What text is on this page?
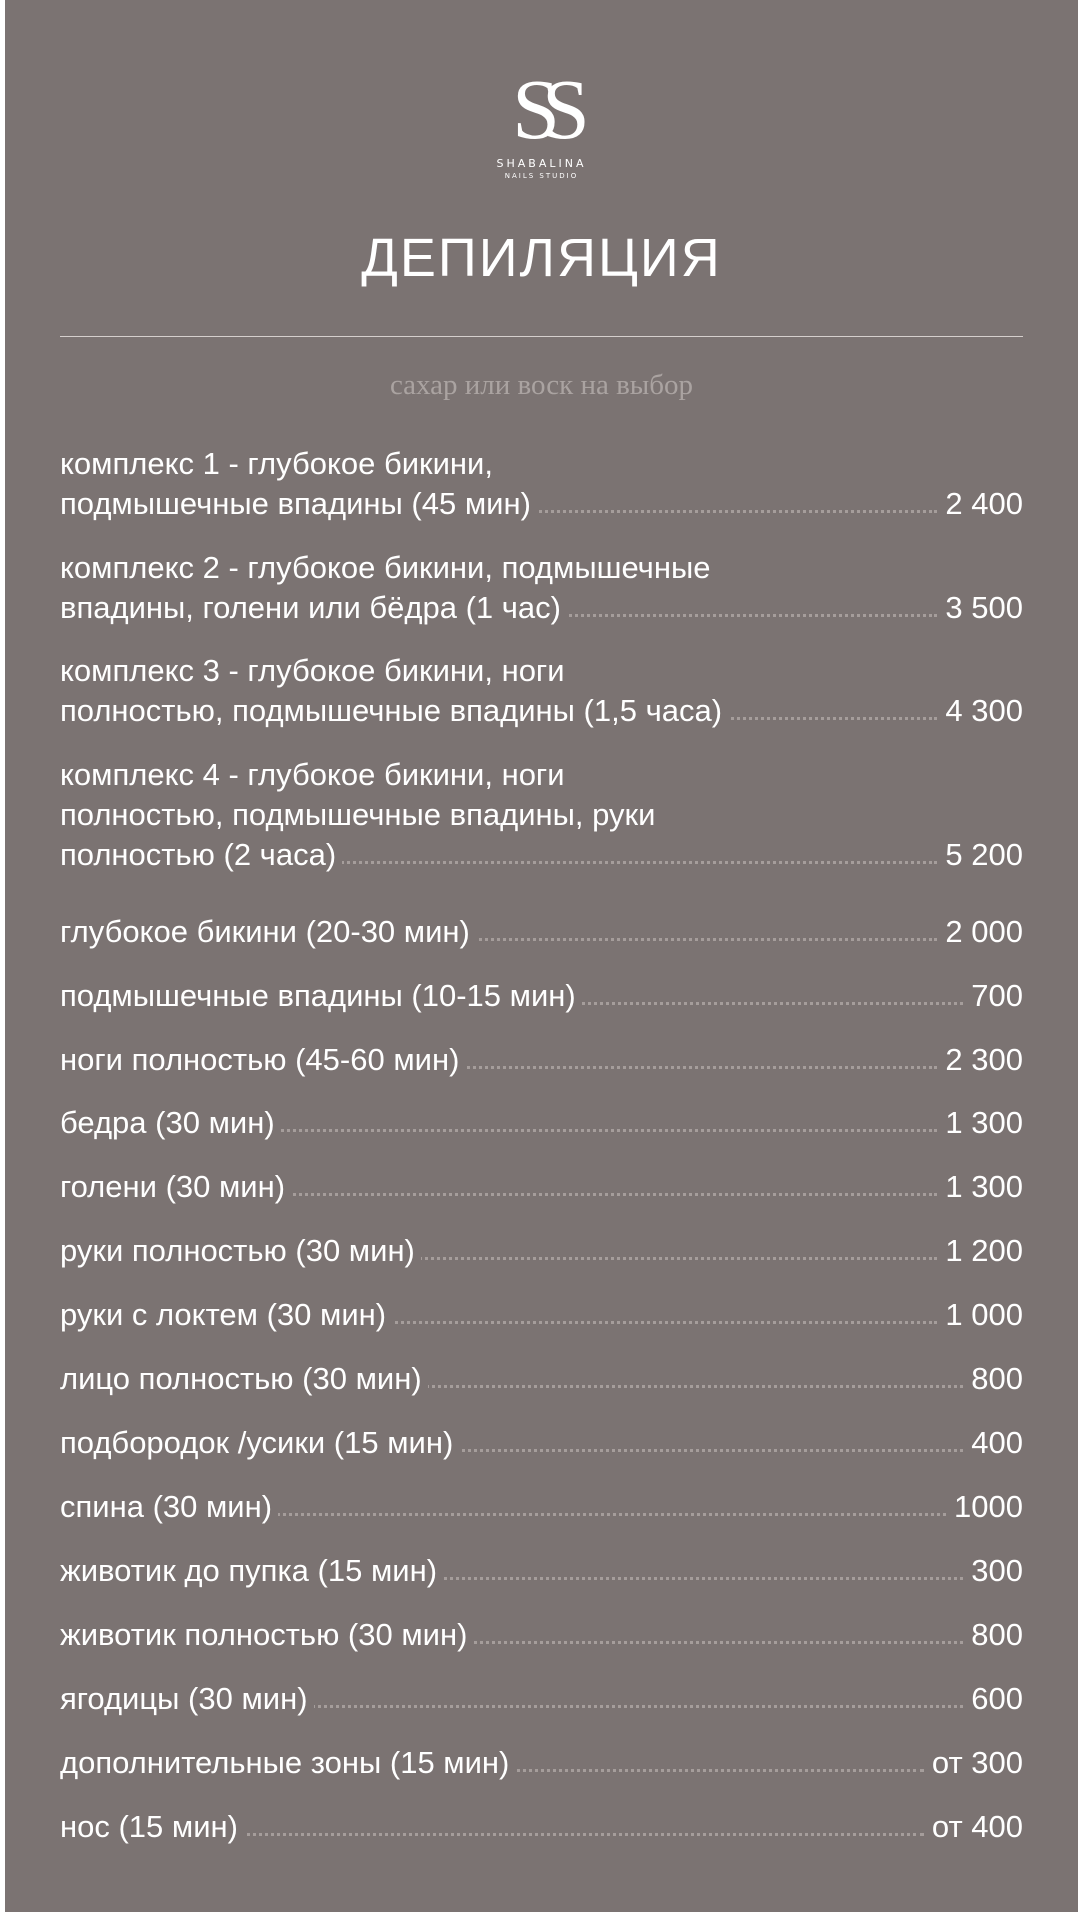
SS
SHABALINA
NAILS STUDIO
ДЕПИЛЯЦИЯ
сахар или воск на выбор
комплекс 1 - глубокое бикини,
подмышечные впадины (45 мин)	2 400
комплекс 2 - глубокое бикини, подмышечные
впадины, голени или бёдра (1 час)	3 500
комплекс 3 - глубокое бикини, ноги
полностью, подмышечные впадины (1,5 часа)	4 300
комплекс 4 - глубокое бикини, ноги
полностью, подмышечные впадины, руки
полностью (2 часа)	5 200
глубокое бикини (20-30 мин)	2 000
подмышечные впадины (10-15 мин)	700
ноги полностью (45-60 мин)	2 300
бедра (30 мин)	1 300
голени (30 мин)	1 300
руки полностью (30 мин)	1 200
руки с локтем (30 мин)	1 000
лицо полностью (30 мин)	800
подбородок /усики (15 мин)	400
спина (30 мин)	1000
животик до пупка (15 мин)	300
животик полностью (30 мин)	800
ягодицы (30 мин)	600
дополнительные зоны (15 мин)	от 300
нос (15 мин)	от 400
